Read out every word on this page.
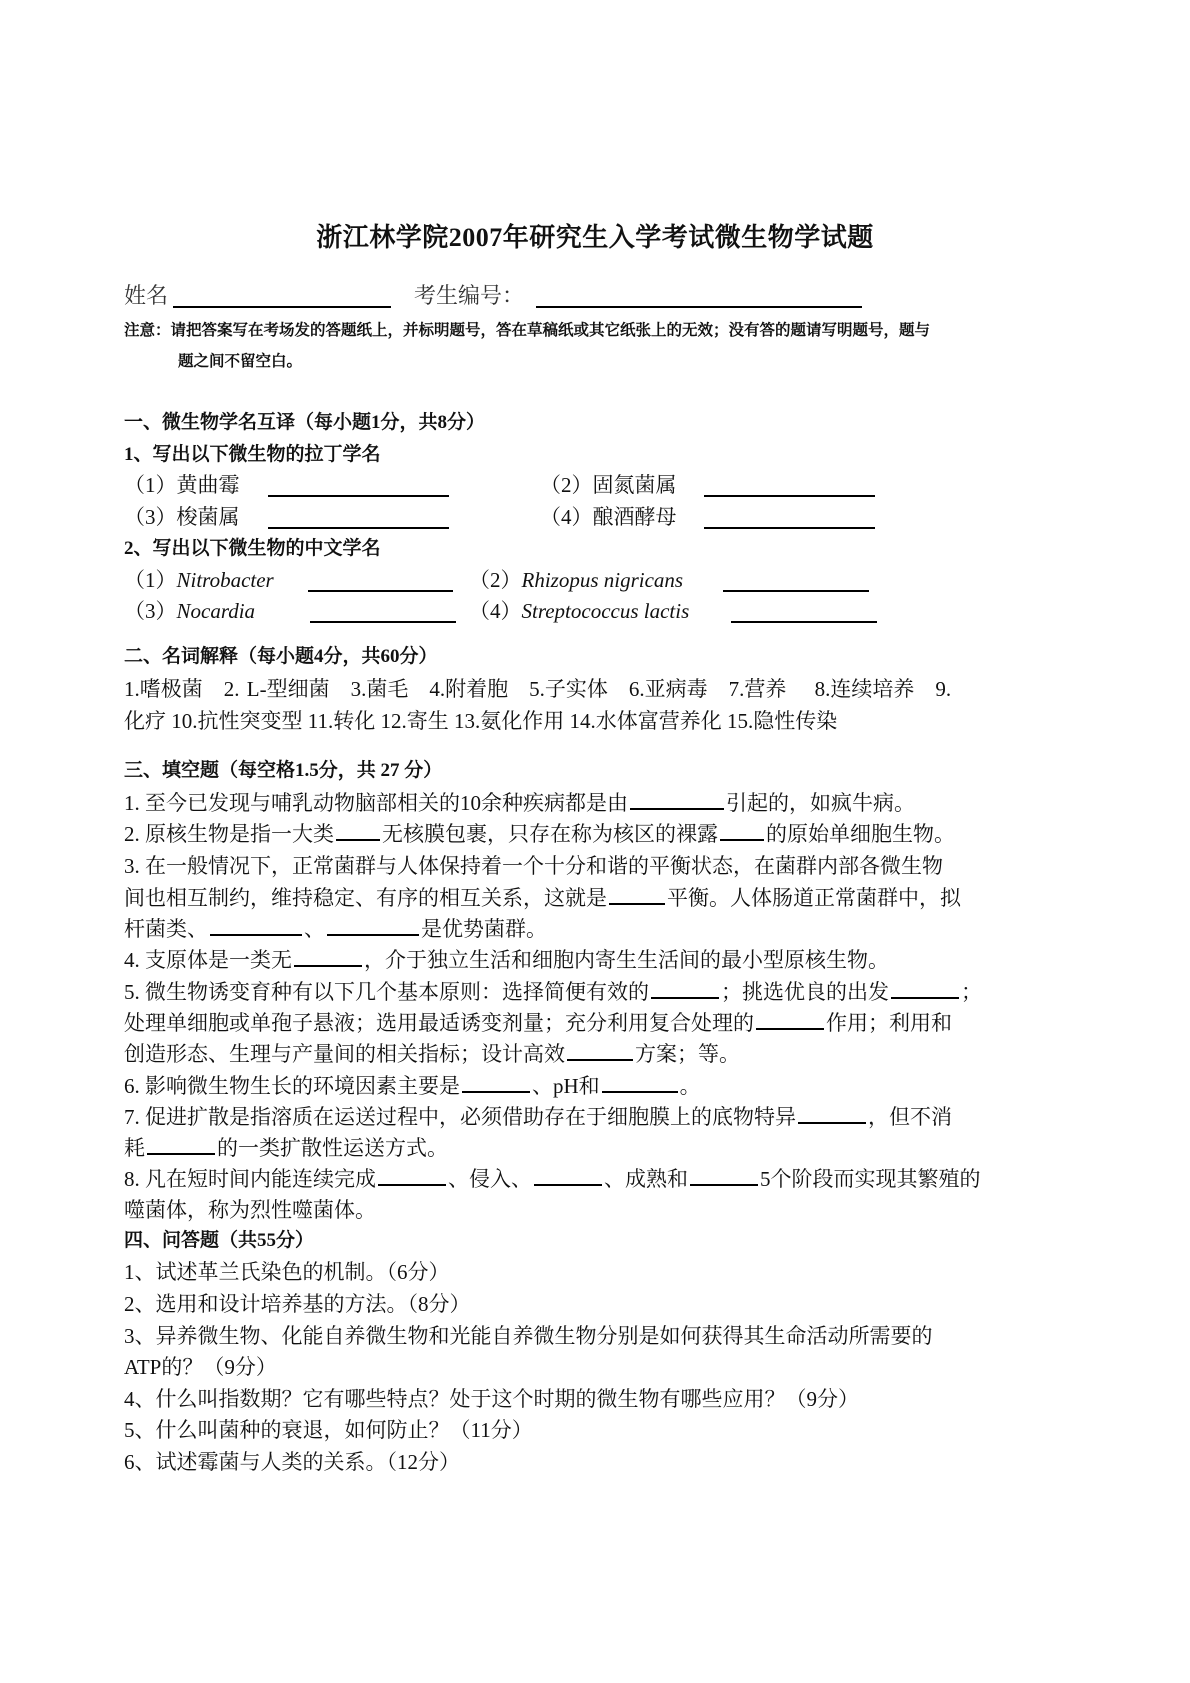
浙江林学院2007年研究生入学考试微生物学试题
姓名	考生编号：
注意：请把答案写在考场发的答题纸上，并标明题号，答在草稿纸或其它纸张上的无效；没有答的题请写明题号，题与
题之间不留空白。
一、微生物学名互译（每小题1分，共8分）
1、写出以下微生物的拉丁学名
（1）黄曲霉	（2）固氮菌属
（3）梭菌属	（4）酿酒酵母
2、写出以下微生物的中文学名
（1）Nitrobacter	（2）Rhizopus nigricans
（3）Nocardia	（4）Streptococcus lactis
二、名词解释（每小题4分，共60分）
1.嗜极菌　2. L-型细菌　3.菌毛　4.附着胞　5.子实体　6.亚病毒　7.营养　 8.连续培养　9.
化疗 10.抗性突变型 11.转化 12.寄生 13.氨化作用 14.水体富营养化 15.隐性传染
三、填空题（每空格1.5分，共 27 分）
1. 至今已发现与哺乳动物脑部相关的10余种疾病都是由	引起的，如疯牛病。
2. 原核生物是指一大类 无核膜包裹，只存在称为核区的裸露 的原始单细胞生物。
3. 在一般情况下，正常菌群与人体保持着一个十分和谐的平衡状态，在菌群内部各微生物
间也相互制约，维持稳定、有序的相互关系，这就是	平衡。人体肠道正常菌群中，拟
杆菌类、	、	是优势菌群。
4. 支原体是一类无	，介于独立生活和细胞内寄生生活间的最小型原核生物。
5. 微生物诱变育种有以下几个基本原则：选择简便有效的	；挑选优良的出发	；
处理单细胞或单孢子悬液；选用最适诱变剂量；充分利用复合处理的	作用；利用和
创造形态、生理与产量间的相关指标；设计高效	方案；等。
6. 影响微生物生长的环境因素主要是	、pH和	。
7. 促进扩散是指溶质在运送过程中，必须借助存在于细胞膜上的底物特异	，但不消
耗	的一类扩散性运送方式。
8. 凡在短时间内能连续完成	、侵入、	、成熟和	5个阶段而实现其繁殖的
噬菌体，称为烈性噬菌体。
四、问答题（共55分）
1、试述革兰氏染色的机制。（6分）
2、选用和设计培养基的方法。（8分）
3、异养微生物、化能自养微生物和光能自养微生物分别是如何获得其生命活动所需要的
ATP的？（9分）
4、什么叫指数期？它有哪些特点？处于这个时期的微生物有哪些应用？（9分）
5、什么叫菌种的衰退，如何防止？（11分）
6、试述霉菌与人类的关系。（12分）
